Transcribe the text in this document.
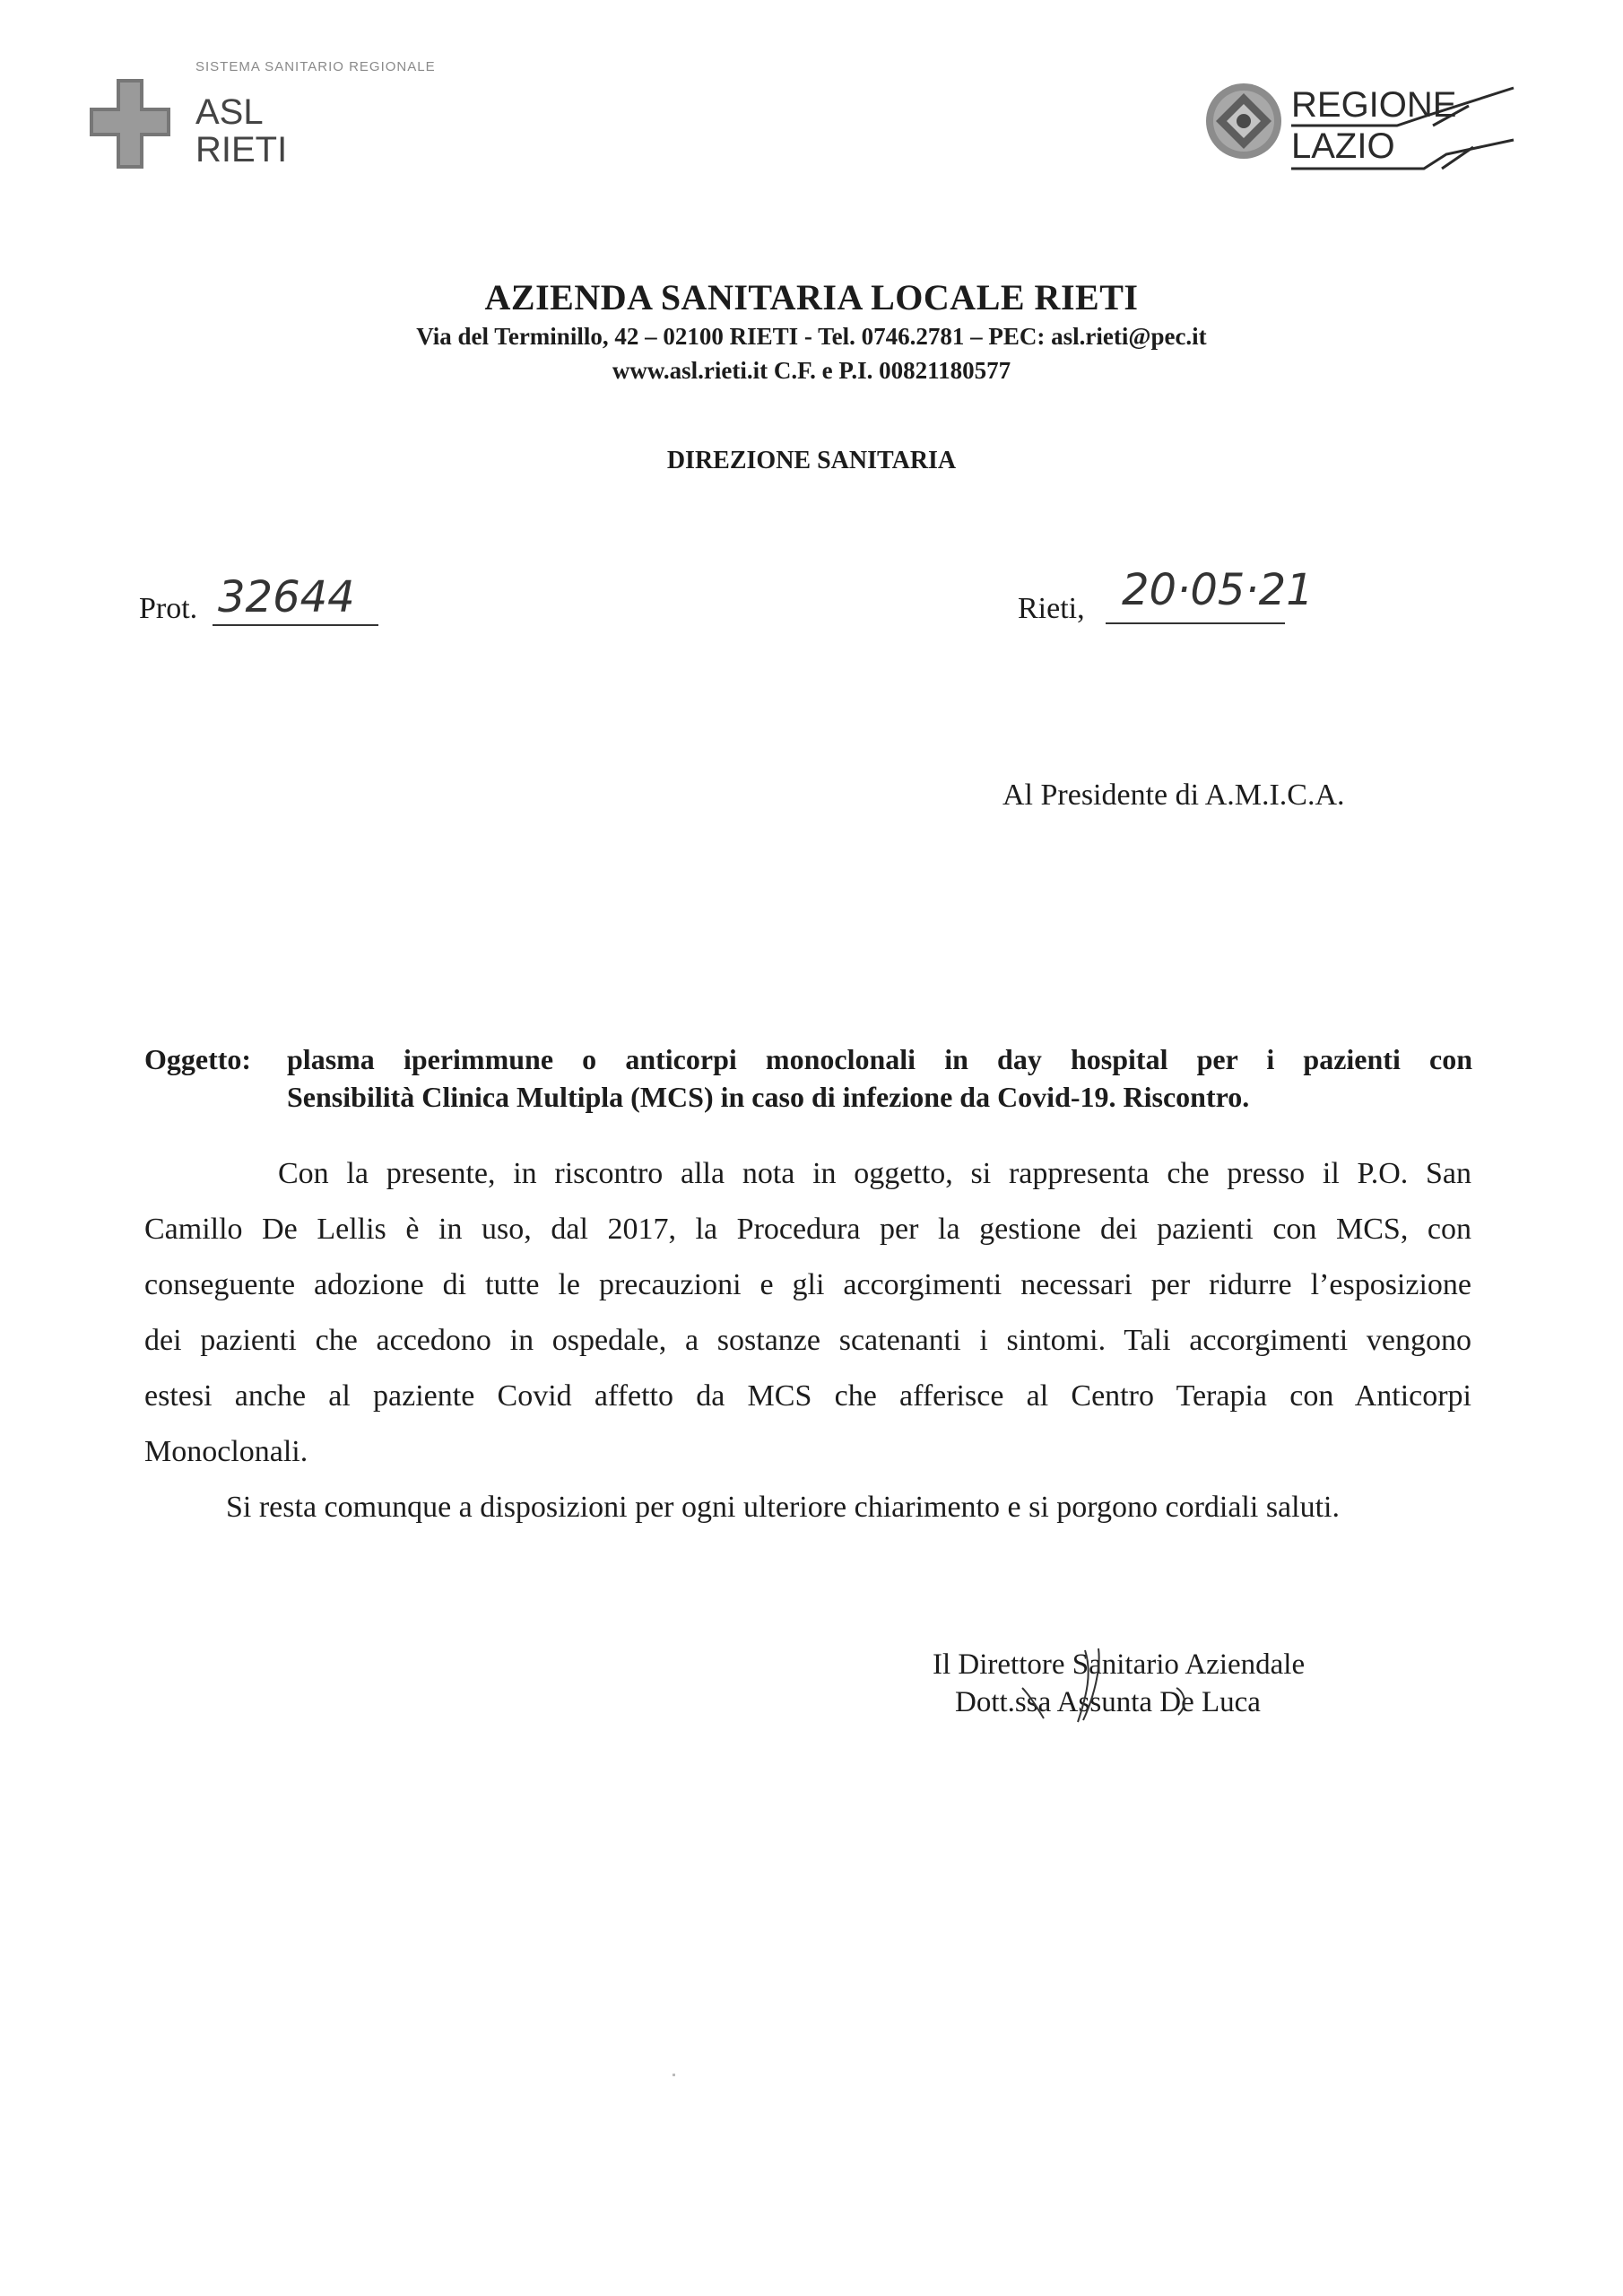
SISTEMA SANITARIO REGIONALE
ASL
RIETI
REGIONE
LAZIO
AZIENDA SANITARIA LOCALE RIETI
Via del Terminillo, 42 – 02100 RIETI - Tel. 0746.2781 – PEC: asl.rieti@pec.it
www.asl.rieti.it C.F. e P.I. 00821180577
DIREZIONE SANITARIA
Prot. 32644	Rieti, 20·05·21
Al Presidente di A.M.I.C.A.
Oggetto: plasma iperimmune o anticorpi monoclonali in day hospital per i pazienti con
Sensibilità Clinica Multipla (MCS) in caso di infezione da Covid-19. Riscontro.
Con la presente, in riscontro alla nota in oggetto, si rappresenta che presso il P.O. San
Camillo De Lellis è in uso, dal 2017, la Procedura per la gestione dei pazienti con MCS, con
conseguente adozione di tutte le precauzioni e gli accorgimenti necessari per ridurre l’esposizione
dei pazienti che accedono in ospedale, a sostanze scatenanti i sintomi. Tali accorgimenti vengono
estesi anche al paziente Covid affetto da MCS che afferisce al Centro Terapia con Anticorpi
Monoclonali.
Si resta comunque a disposizioni per ogni ulteriore chiarimento e si porgono cordiali saluti.
Il Direttore Sanitario Aziendale
Dott.ssa Assunta De Luca
